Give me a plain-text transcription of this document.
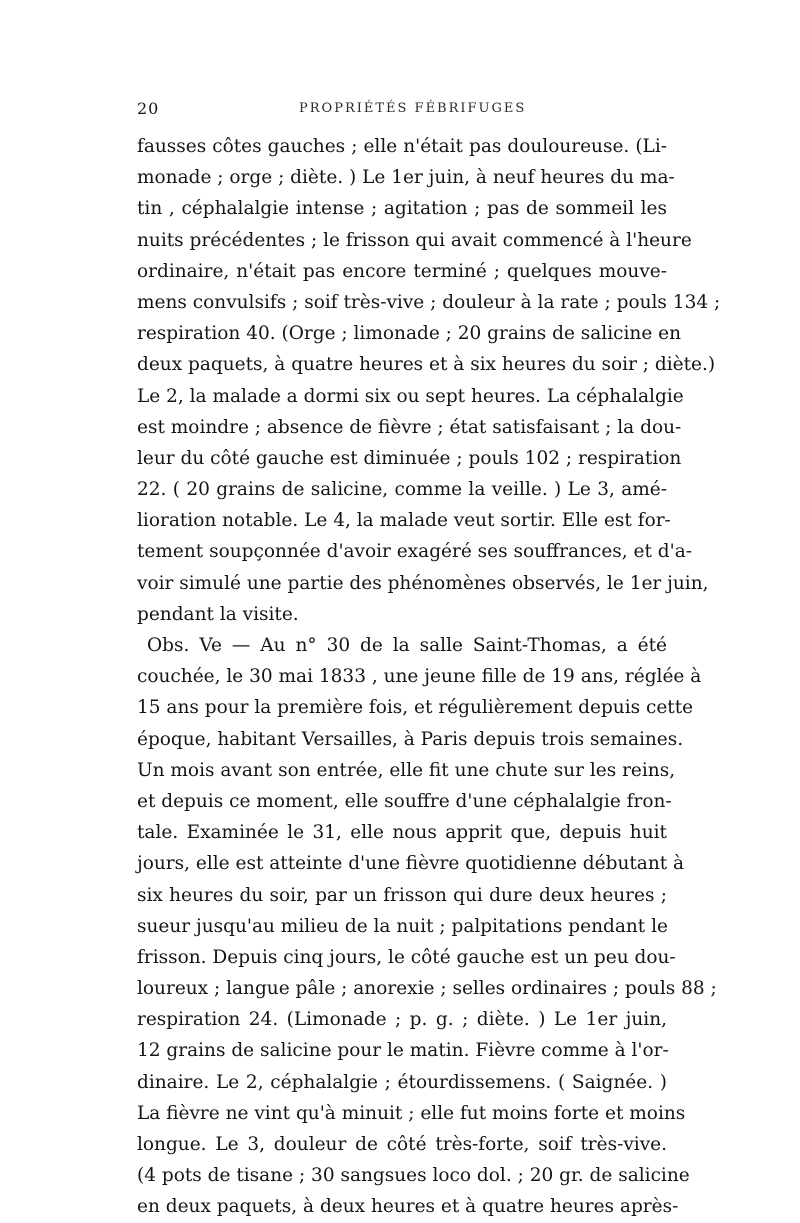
20	PROPRIÉTÉS FÉBRIFUGES
fausses côtes gauches ; elle n'était pas douloureuse. (Li-
monade ; orge ; diète. ) Le 1er juin, à neuf heures du ma-
tin , céphalalgie intense ; agitation ; pas de sommeil les
nuits précédentes ; le frisson qui avait commencé à l'heure
ordinaire, n'était pas encore terminé ; quelques mouve-
mens convulsifs ; soif très-vive ; douleur à la rate ; pouls 134 ;
respiration 40. (Orge ; limonade ; 20 grains de salicine en
deux paquets, à quatre heures et à six heures du soir ; diète.)
Le 2, la malade a dormi six ou sept heures. La céphalalgie
est moindre ; absence de fièvre ; état satisfaisant ; la dou-
leur du côté gauche est diminuée ; pouls 102 ; respiration
22. ( 20 grains de salicine, comme la veille. ) Le 3, amé-
lioration notable. Le 4, la malade veut sortir. Elle est for-
tement soupçonnée d'avoir exagéré ses souffrances, et d'a-
voir simulé une partie des phénomènes observés, le 1er juin,
pendant la visite.
Obs. Ve — Au n° 30 de la salle Saint-Thomas, a été
couchée, le 30 mai 1833 , une jeune fille de 19 ans, réglée à
15 ans pour la première fois, et régulièrement depuis cette
époque, habitant Versailles, à Paris depuis trois semaines.
Un mois avant son entrée, elle fit une chute sur les reins,
et depuis ce moment, elle souffre d'une céphalalgie fron-
tale. Examinée le 31, elle nous apprit que, depuis huit
jours, elle est atteinte d'une fièvre quotidienne débutant à
six heures du soir, par un frisson qui dure deux heures ;
sueur jusqu'au milieu de la nuit ; palpitations pendant le
frisson. Depuis cinq jours, le côté gauche est un peu dou-
loureux ; langue pâle ; anorexie ; selles ordinaires ; pouls 88 ;
respiration 24. (Limonade ; p. g. ; diète. ) Le 1er juin,
12 grains de salicine pour le matin. Fièvre comme à l'or-
dinaire. Le 2, céphalalgie ; étourdissemens. ( Saignée. )
La fièvre ne vint qu'à minuit ; elle fut moins forte et moins
longue. Le 3, douleur de côté très-forte, soif très-vive.
(4 pots de tisane ; 30 sangsues loco dol. ; 20 gr. de salicine
en deux paquets, à deux heures et à quatre heures après-
